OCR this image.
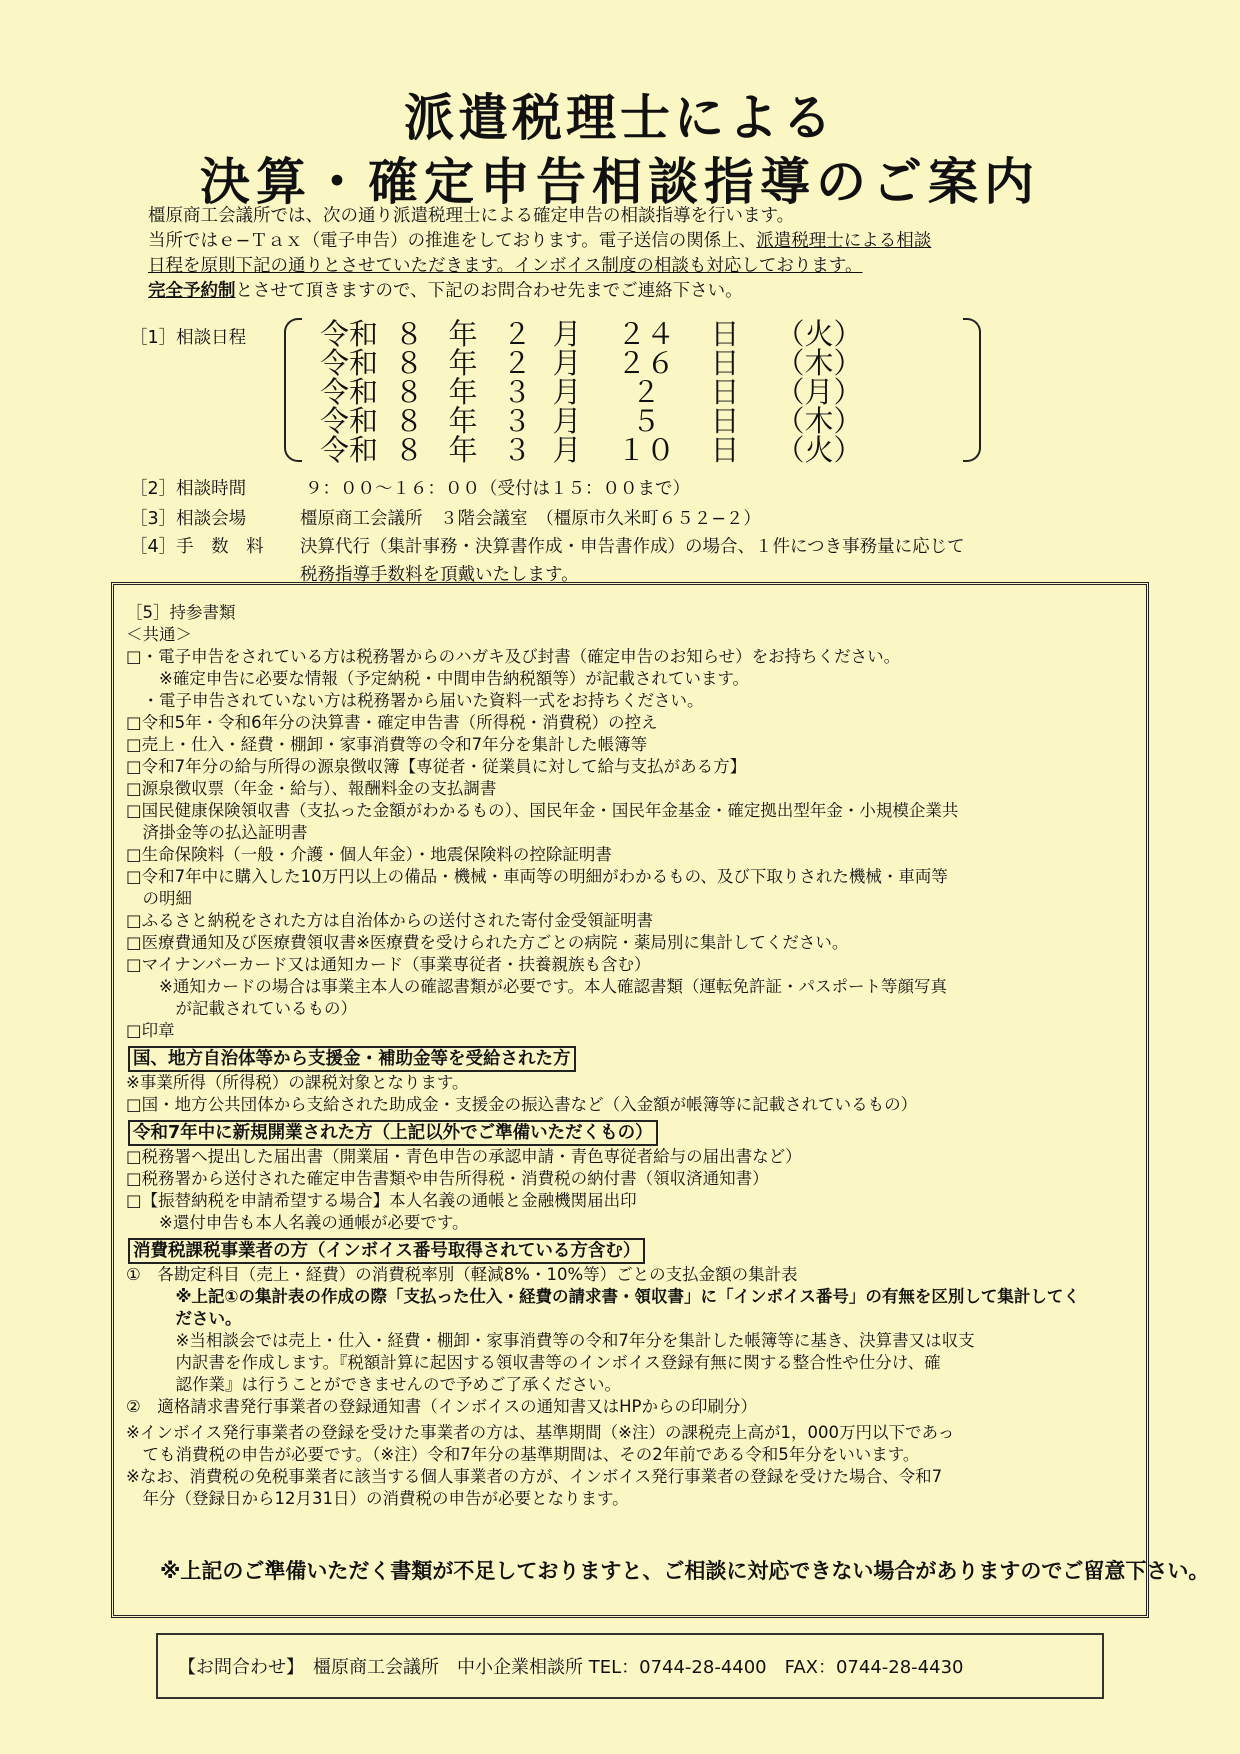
派遣税理士による
決算・確定申告相談指導のご案内
橿原商工会議所では、次の通り派遣税理士による確定申告の相談指導を行います。
当所ではｅ−Ｔａｘ（電子申告）の推進をしております。電子送信の関係上、派遣税理士による相談
日程を原則下記の通りとさせていただきます。インボイス制度の相談も対応しております。
完全予約制とさせて頂きますので、下記のお問合わせ先までご連絡下さい。
［1］相談日程	令和 ８ 年 ２ 月	２４	日	（火）
令和 ８ 年 ２ 月	２６	日	（木）
令和 ８ 年 ３ 月	２	日	（月）
令和 ８ 年 ３ 月	５	日	（木）
令和 ８ 年 ３ 月	１０	日	（火）
［2］相談時間	９：００〜１６：００（受付は１５：００まで）
［3］相談会場	橿原商工会議所　３階会議室　（橿原市久米町６５２−２）
［4］手　数　料 決算代行（集計事務・決算書作成・申告書作成）の場合、１件につき事務量に応じて
税務指導手数料を頂戴いたします。
［5］持参書類
＜共通＞
□・電子申告をされている方は税務署からのハガキ及び封書（確定申告のお知らせ）をお持ちください。
　　※確定申告に必要な情報（予定納税・中間申告納税額等）が記載されています。
　・電子申告されていない方は税務署から届いた資料一式をお持ちください。
□令和5年・令和6年分の決算書・確定申告書（所得税・消費税）の控え
□売上・仕入・経費・棚卸・家事消費等の令和7年分を集計した帳簿等
□令和7年分の給与所得の源泉徴収簿【専従者・従業員に対して給与支払がある方】
□源泉徴収票（年金・給与）、報酬料金の支払調書
□国民健康保険領収書（支払った金額がわかるもの）、国民年金・国民年金基金・確定拠出型年金・小規模企業共
　済掛金等の払込証明書
□生命保険料（一般・介護・個人年金）・地震保険料の控除証明書
□令和7年中に購入した10万円以上の備品・機械・車両等の明細がわかるもの、及び下取りされた機械・車両等
　の明細
□ふるさと納税をされた方は自治体からの送付された寄付金受領証明書
□医療費通知及び医療費領収書※医療費を受けられた方ごとの病院・薬局別に集計してください。
□マイナンバーカード又は通知カード（事業専従者・扶養親族も含む）
　　※通知カードの場合は事業主本人の確認書類が必要です。本人確認書類（運転免許証・パスポート等顔写真
　　　が記載されているもの）
□印章
国、地方自治体等から支援金・補助金等を受給された方
※事業所得（所得税）の課税対象となります。
□国・地方公共団体から支給された助成金・支援金の振込書など（入金額が帳簿等に記載されているもの）
令和7年中に新規開業された方（上記以外でご準備いただくもの）
□税務署へ提出した届出書（開業届・青色申告の承認申請・青色専従者給与の届出書など）
□税務署から送付された確定申告書類や申告所得税・消費税の納付書（領収済通知書）
□【振替納税を申請希望する場合】本人名義の通帳と金融機関届出印
　　※還付申告も本人名義の通帳が必要です。
消費税課税事業者の方（インボイス番号取得されている方含む）
①　各勘定科目（売上・経費）の消費税率別（軽減8%・10%等）ごとの支払金額の集計表
　　　※上記①の集計表の作成の際「支払った仕入・経費の請求書・領収書」に「インボイス番号」の有無を区別して集計してく
　　　ださい。
　　　※当相談会では売上・仕入・経費・棚卸・家事消費等の令和7年分を集計した帳簿等に基き、決算書又は収支
　　　内訳書を作成します。『税額計算に起因する領収書等のインボイス登録有無に関する整合性や仕分け、確
　　　認作業』は行うことができませんので予めご了承ください。
②　適格請求書発行事業者の登録通知書（インボイスの通知書又はHPからの印刷分）
※インボイス発行事業者の登録を受けた事業者の方は、基準期間（※注）の課税売上高が1，000万円以下であっ
　ても消費税の申告が必要です。（※注）令和7年分の基準期間は、その2年前である令和5年分をいいます。
※なお、消費税の免税事業者に該当する個人事業者の方が、インボイス発行事業者の登録を受けた場合、令和7
　年分（登録日から12月31日）の消費税の申告が必要となります。
※上記のご準備いただく書類が不足しておりますと、ご相談に対応できない場合がありますのでご留意下さい。
【お問合わせ】　橿原商工会議所　中小企業相談所 TEL：0744-28-4400　FAX：0744-28-4430
